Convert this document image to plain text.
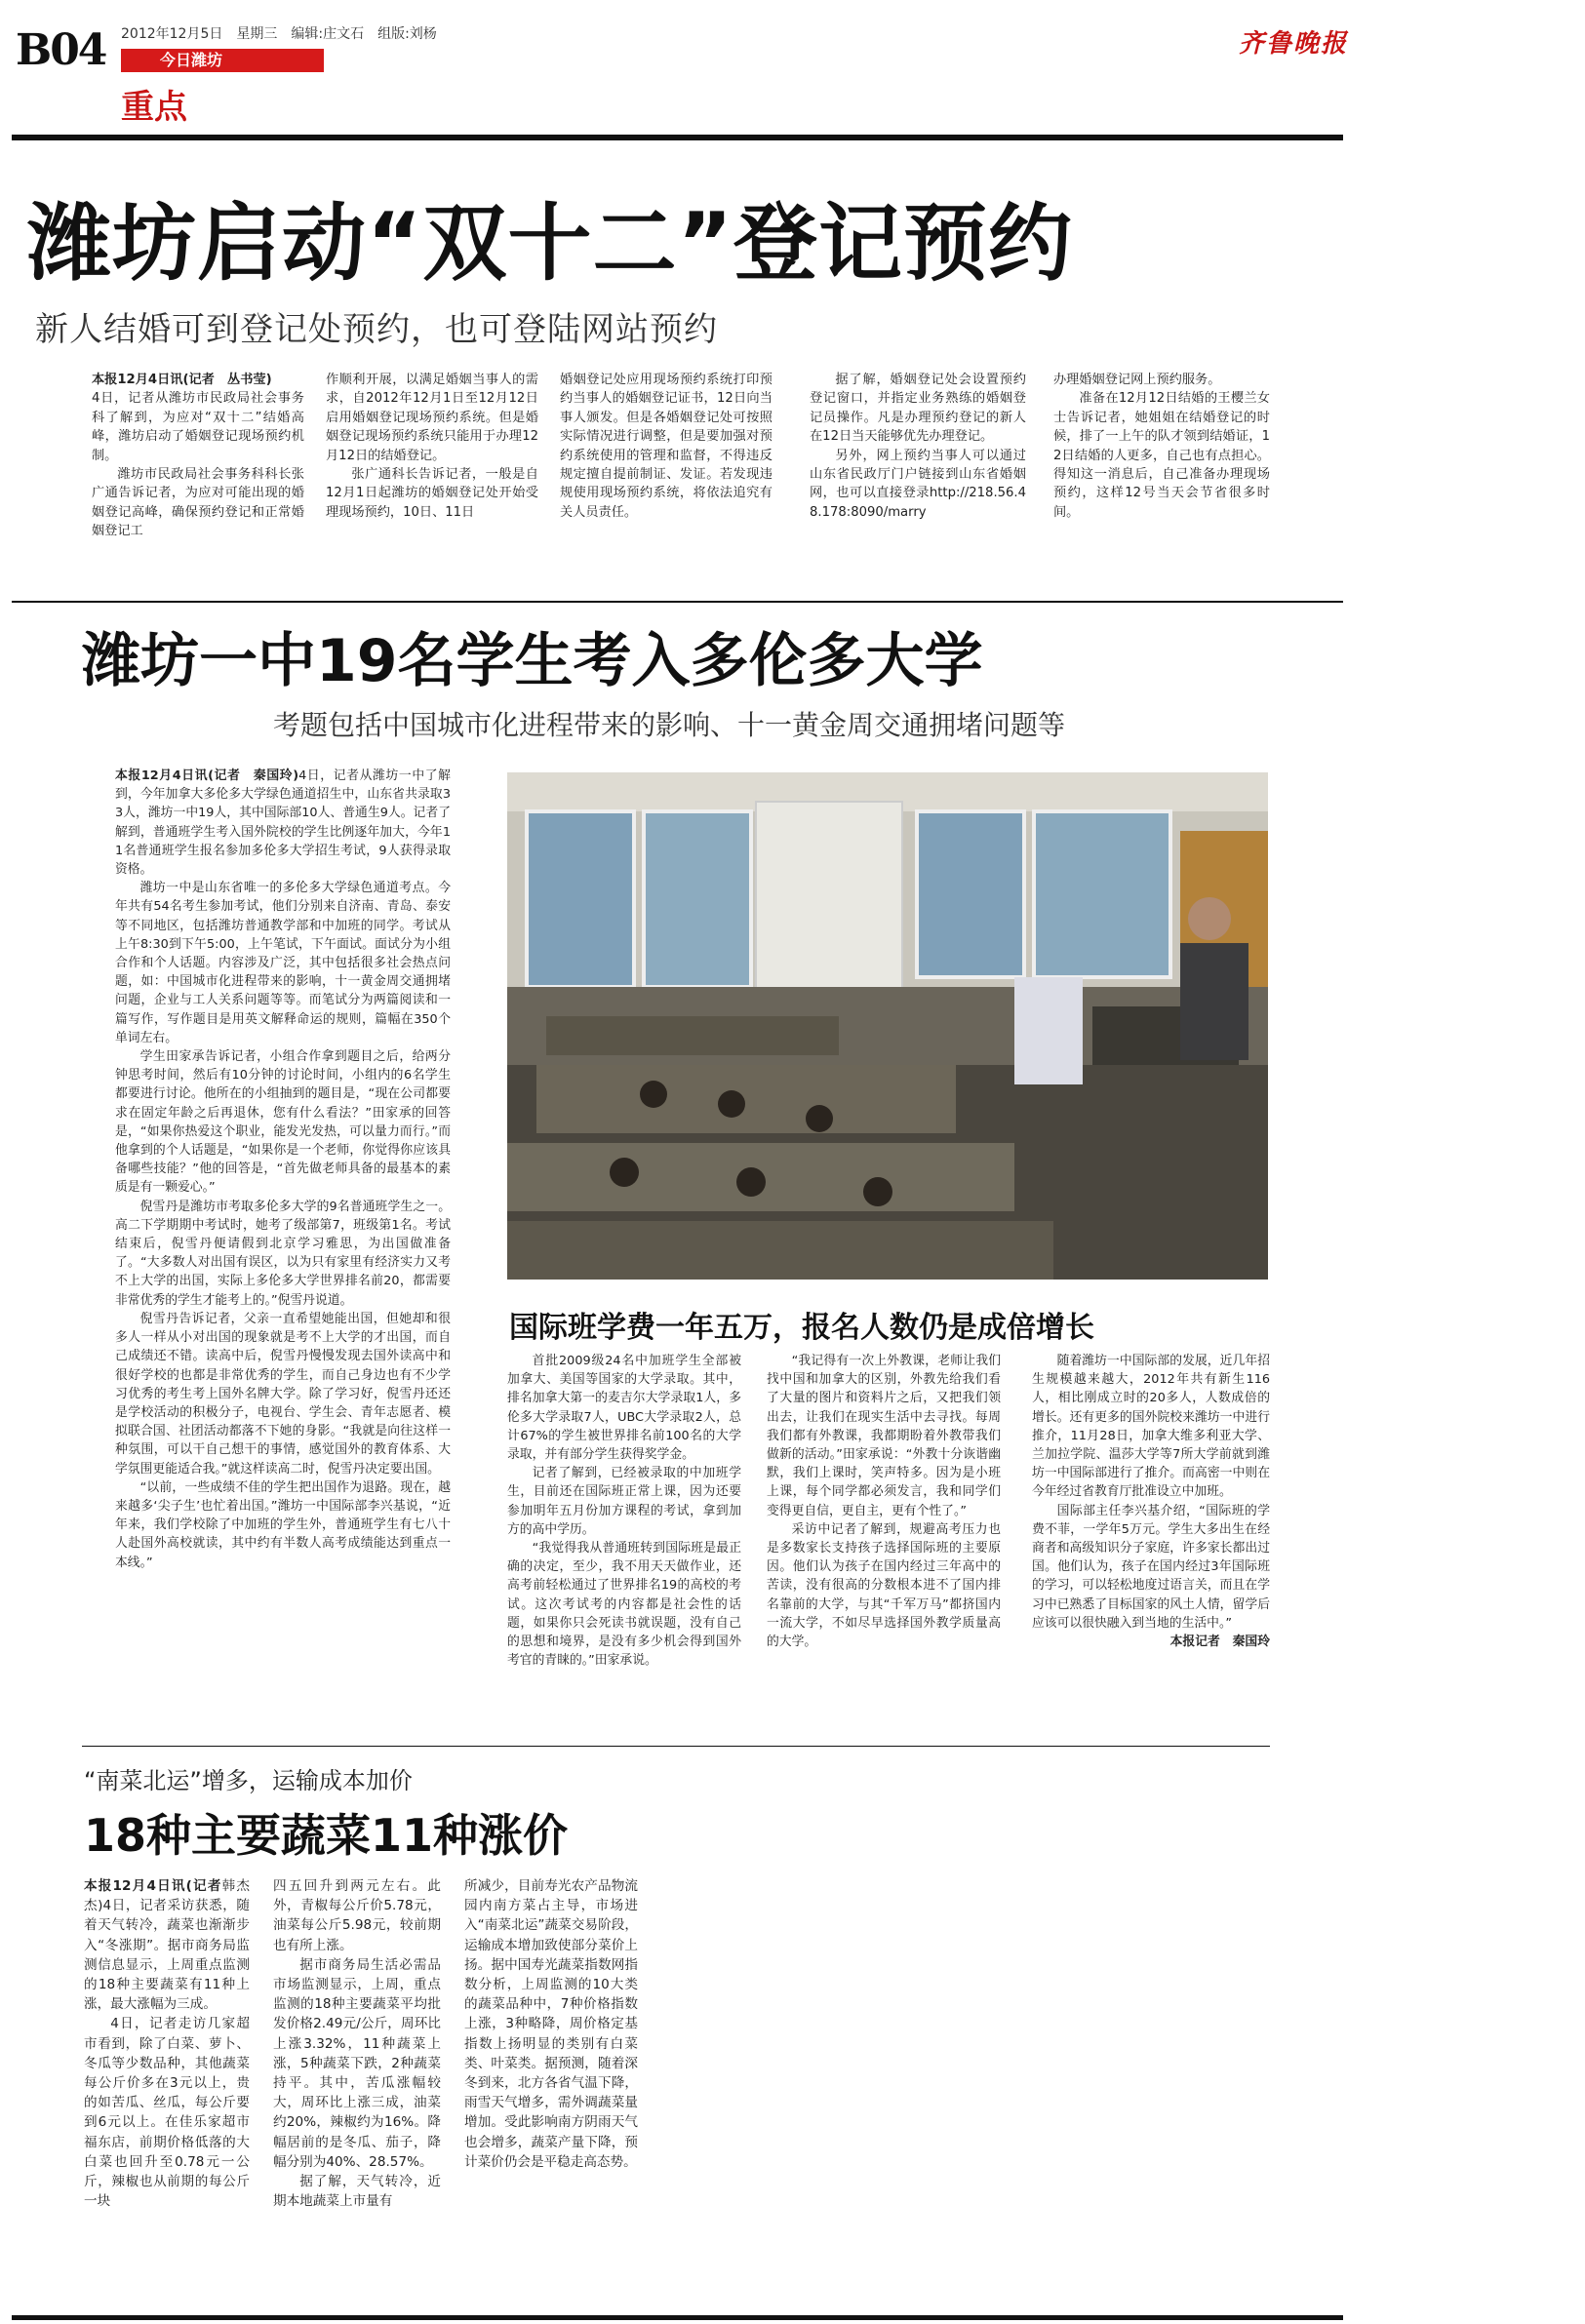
B04 2012年12月5日　星期三　编辑:庄文石　组版:刘杨
今日潍坊
重点
齐鲁晚报
潍坊启动“双十二”登记预约
新人结婚可到登记处预约，也可登陆网站预约

本报12月4日讯(记者　丛书莹)

4日，记者从潍坊市民政局社会事务科了解到，为应对“双十二”结婚高峰，潍坊启动了婚姻登记现场预约机制。

潍坊市民政局社会事务科科长张广通告诉记者，为应对可能出现的婚姻登记高峰，确保预约登记和正常婚姻登记工

作顺利开展，以满足婚姻当事人的需求，自2012年12月1日至12月12日启用婚姻登记现场预约系统。但是婚姻登记现场预约系统只能用于办理12月12日的结婚登记。

张广通科长告诉记者，一般是自12月1日起潍坊的婚姻登记处开始受理现场预约，10日、11日

婚姻登记处应用现场预约系统打印预约当事人的婚姻登记证书，12日向当事人颁发。但是各婚姻登记处可按照实际情况进行调整，但是要加强对预约系统使用的管理和监督，不得违反规定擅自提前制证、发证。若发现违规使用现场预约系统，将依法追究有关人员责任。

据了解，婚姻登记处会设置预约登记窗口，并指定业务熟练的婚姻登记员操作。凡是办理预约登记的新人在12日当天能够优先办理登记。

另外，网上预约当事人可以通过山东省民政厅门户链接到山东省婚姻网，也可以直接登录http://218.56.48.178:8090/marry

办理婚姻登记网上预约服务。

准备在12月12日结婚的王樱兰女士告诉记者，她姐姐在结婚登记的时候，排了一上午的队才领到结婚证，12日结婚的人更多，自己也有点担心。得知这一消息后，自己准备办理现场预约，这样12号当天会节省很多时间。

潍坊一中19名学生考入多伦多大学
考题包括中国城市化进程带来的影响、十一黄金周交通拥堵问题等

本报12月4日讯(记者　秦国玲)4日，记者从潍坊一中了解到，今年加拿大多伦多大学绿色通道招生中，山东省共录取33人，潍坊一中19人，其中国际部10人、普通生9人。记者了解到，普通班学生考入国外院校的学生比例逐年加大，今年11名普通班学生报名参加多伦多大学招生考试，9人获得录取资格。

潍坊一中是山东省唯一的多伦多大学绿色通道考点。今年共有54名考生参加考试，他们分别来自济南、青岛、泰安等不同地区，包括潍坊普通教学部和中加班的同学。考试从上午8:30到下午5:00，上午笔试，下午面试。面试分为小组合作和个人话题。内容涉及广泛，其中包括很多社会热点问题，如：中国城市化进程带来的影响，十一黄金周交通拥堵问题，企业与工人关系问题等等。而笔试分为两篇阅读和一篇写作，写作题目是用英文解释命运的规则，篇幅在350个单词左右。

学生田家承告诉记者，小组合作拿到题目之后，给两分钟思考时间，然后有10分钟的讨论时间，小组内的6名学生都要进行讨论。他所在的小组抽到的题目是，“现在公司都要求在固定年龄之后再退休，您有什么看法？”田家承的回答是，“如果你热爱这个职业，能发光发热，可以量力而行。”而他拿到的个人话题是，“如果你是一个老师，你觉得你应该具备哪些技能？”他的回答是，“首先做老师具备的最基本的素质是有一颗爱心。”

倪雪丹是潍坊市考取多伦多大学的9名普通班学生之一。高二下学期期中考试时，她考了级部第7，班级第1名。考试结束后，倪雪丹便请假到北京学习雅思，为出国做准备了。“大多数人对出国有误区，以为只有家里有经济实力又考不上大学的出国，实际上多伦多大学世界排名前20，都需要非常优秀的学生才能考上的。”倪雪丹说道。

倪雪丹告诉记者，父亲一直希望她能出国，但她却和很多人一样从小对出国的现象就是考不上大学的才出国，而自己成绩还不错。读高中后，倪雪丹慢慢发现去国外读高中和很好学校的也都是非常优秀的学生，而自己身边也有不少学习优秀的考生考上国外名牌大学。除了学习好，倪雪丹还还是学校活动的积极分子，电视台、学生会、青年志愿者、模拟联合国、社团活动都落不下她的身影。“我就是向往这样一种氛围，可以干自己想干的事情，感觉国外的教育体系、大学氛围更能适合我。”就这样读高二时，倪雪丹决定要出国。

“以前，一些成绩不佳的学生把出国作为退路。现在，越来越多‘尖子生’也忙着出国。”潍坊一中国际部李兴基说，“近年来，我们学校除了中加班的学生外，普通班学生有七八十人赴国外高校就读，其中约有半数人高考成绩能达到重点一本线。”

国际班学费一年五万，报名人数仍是成倍增长

首批2009级24名中加班学生全部被加拿大、美国等国家的大学录取。其中，排名加拿大第一的麦吉尔大学录取1人，多伦多大学录取7人，UBC大学录取2人，总计67%的学生被世界排名前100名的大学录取，并有部分学生获得奖学金。

记者了解到，已经被录取的中加班学生，目前还在国际班正常上课，因为还要参加明年五月份加方课程的考试，拿到加方的高中学历。

“我觉得我从普通班转到国际班是最正确的决定，至少，我不用天天做作业，还高考前轻松通过了世界排名19的高校的考试。这次考试考的内容都是社会性的话题，如果你只会死读书就误题，没有自己的思想和境界，是没有多少机会得到国外考官的青睐的。”田家承说。

“我记得有一次上外教课，老师让我们找中国和加拿大的区别，外教先给我们看了大量的图片和资料片之后，又把我们领出去，让我们在现实生活中去寻找。每周我们都有外教课，我都期盼着外教带我们做新的活动。”田家承说：“外教十分诙谐幽默，我们上课时，笑声特多。因为是小班上课，每个同学都必须发言，我和同学们变得更自信，更自主，更有个性了。”

采访中记者了解到，规避高考压力也是多数家长支持孩子选择国际班的主要原因。他们认为孩子在国内经过三年高中的苦读，没有很高的分数根本进不了国内排名靠前的大学，与其“千军万马”都挤国内一流大学，不如尽早选择国外教学质量高的大学。

随着潍坊一中国际部的发展，近几年招生规模越来越大，2012年共有新生116人，相比刚成立时的20多人，人数成倍的增长。还有更多的国外院校来潍坊一中进行推介，11月28日，加拿大维多利亚大学、兰加拉学院、温莎大学等7所大学前就到潍坊一中国际部进行了推介。而高密一中则在今年经过省教育厅批准设立中加班。

国际部主任李兴基介绍，“国际班的学费不菲，一学年5万元。学生大多出生在经商者和高级知识分子家庭，许多家长都出过国。他们认为，孩子在国内经过3年国际班的学习，可以轻松地度过语言关，而且在学习中已熟悉了目标国家的风土人情，留学后应该可以很快融入到当地的生活中。”

本报记者　秦国玲

“南菜北运”增多，运输成本加价
18种主要蔬菜11种涨价

本报12月4日讯(记者韩杰杰)4日，记者采访获悉，随着天气转冷，蔬菜也渐渐步入“冬涨期”。据市商务局监测信息显示，上周重点监测的18种主要蔬菜有11种上涨，最大涨幅为三成。

4日，记者走访几家超市看到，除了白菜、萝卜、冬瓜等少数品种，其他蔬菜每公斤价多在3元以上，贵的如苦瓜、丝瓜，每公斤要到6元以上。在佳乐家超市福东店，前期价格低落的大白菜也回升至0.78元一公斤，辣椒也从前期的每公斤一块

四五回升到两元左右。此外，青椒每公斤价5.78元，油菜每公斤5.98元，较前期也有所上涨。

据市商务局生活必需品市场监测显示，上周，重点监测的18种主要蔬菜平均批发价格2.49元/公斤，周环比上涨3.32%，11种蔬菜上涨，5种蔬菜下跌，2种蔬菜持平。其中，苦瓜涨幅较大，周环比上涨三成，油菜约20%，辣椒约为16%。降幅居前的是冬瓜、茄子，降幅分别为40%、28.57%。

据了解，天气转冷，近期本地蔬菜上市量有

所减少，目前寿光农产品物流园内南方菜占主导，市场进入“南菜北运”蔬菜交易阶段，运输成本增加致使部分菜价上扬。据中国寿光蔬菜指数网指数分析，上周监测的10大类的蔬菜品种中，7种价格指数上涨，3种略降，周价格定基指数上扬明显的类别有白菜类、叶菜类。据预测，随着深冬到来，北方各省气温下降，雨雪天气增多，需外调蔬菜量增加。受此影响南方阴雨天气也会增多，蔬菜产量下降，预计菜价仍会是平稳走高态势。
